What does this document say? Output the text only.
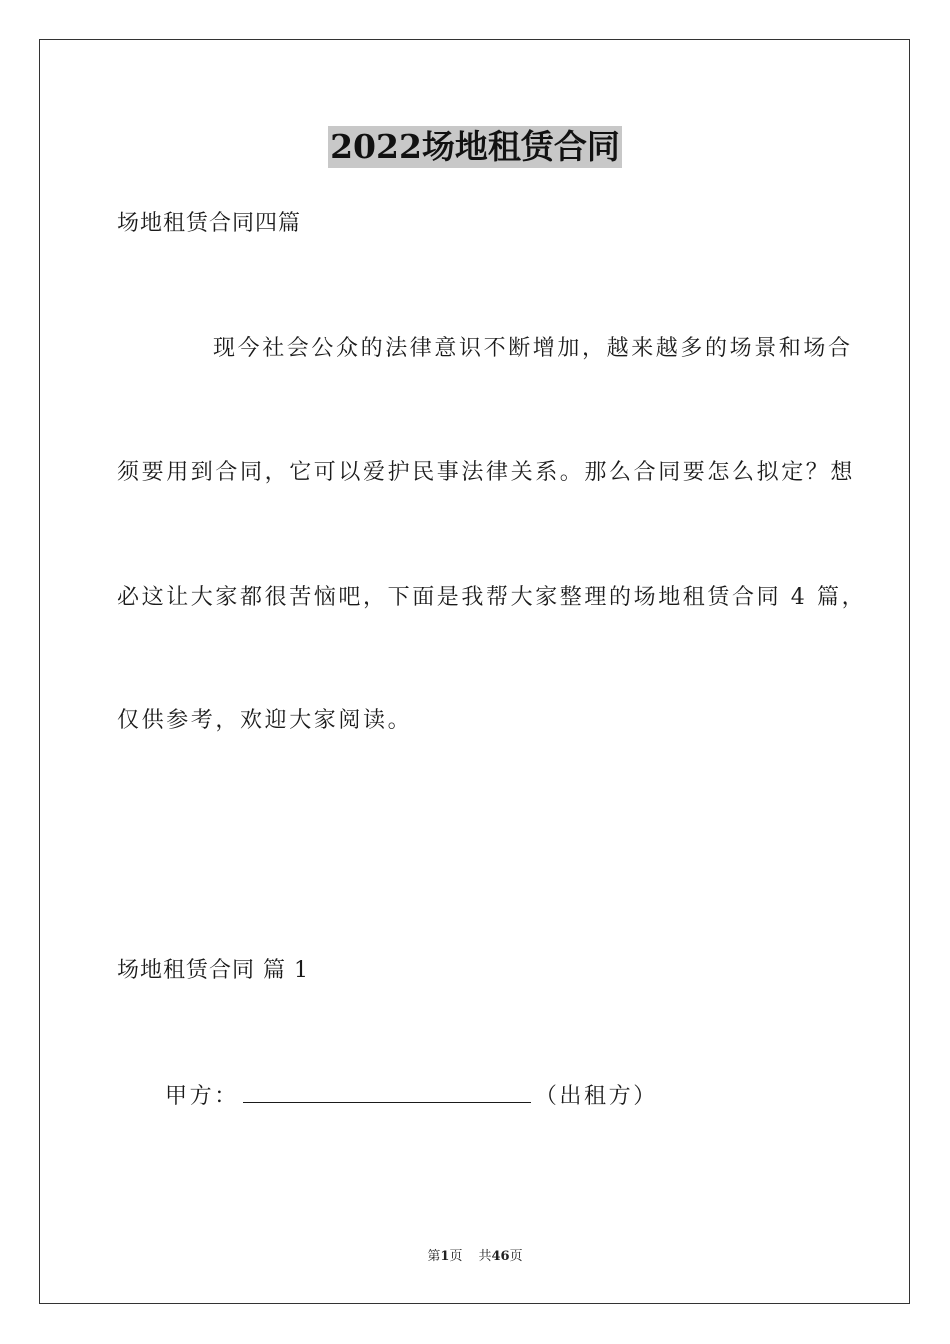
2022场地租赁合同
场地租赁合同四篇
现今社会公众的法律意识不断增加，越来越多的场景和场合
须要用到合同，它可以爱护民事法律关系。那么合同要怎么拟定？想
必这让大家都很苦恼吧，下面是我帮大家整理的场地租赁合同 4 篇，
仅供参考，欢迎大家阅读。
场地租赁合同 篇 1
甲方：	（出租方）
第1页 共46页
